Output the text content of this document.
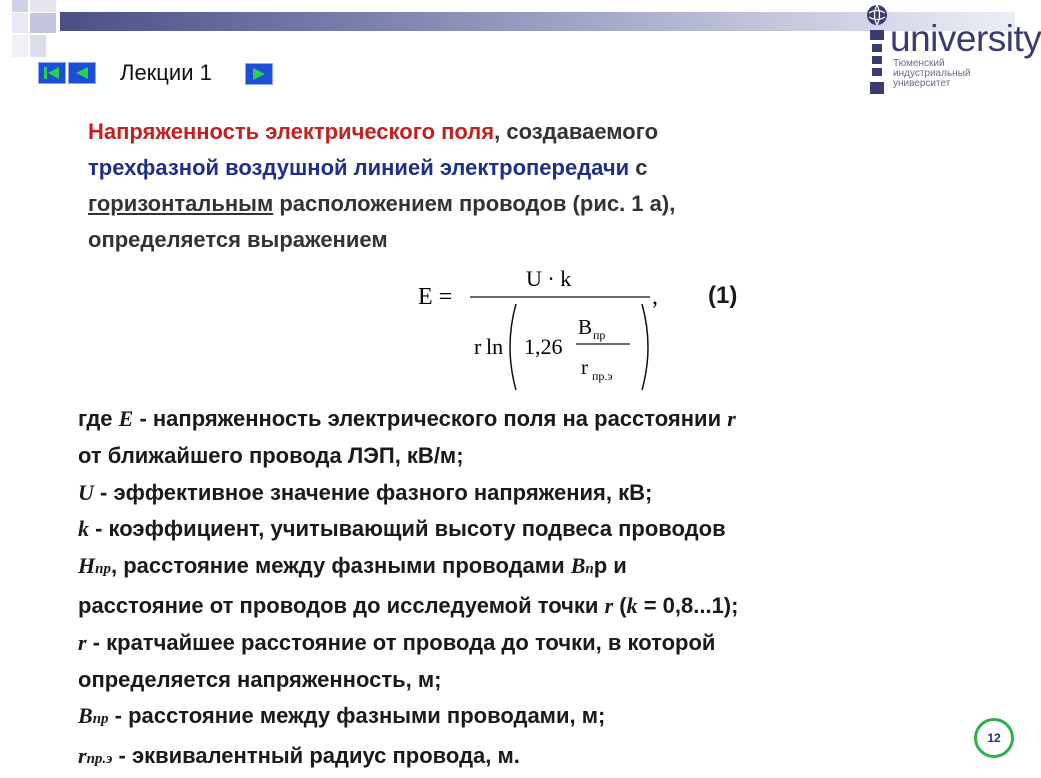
Лекции 1
university
Тюменский
индустриальный
университет
Напряженность электрического поля, создаваемого
трехфазной воздушной линией электропередачи с
горизонтальным расположением проводов (рис. 1 а),
определяется выражением
E =
U · k
,
r ln 1,26
B пр
r пр.э
(1)
где E - напряженность электрического поля на расстоянии r
от ближайшего провода ЛЭП, кВ/м;
U - эффективное значение фазного напряжения, кВ;
k - коэффициент, учитывающий высоту подвеса проводов
Hпр, расстояние между фазными проводами Bпр и
расстояние от проводов до исследуемой точки r (k = 0,8...1);
r - кратчайшее расстояние от провода до точки, в которой
определяется напряженность, м;
Bпр - расстояние между фазными проводами, м;
rпр.э - эквивалентный радиус провода, м.
12
